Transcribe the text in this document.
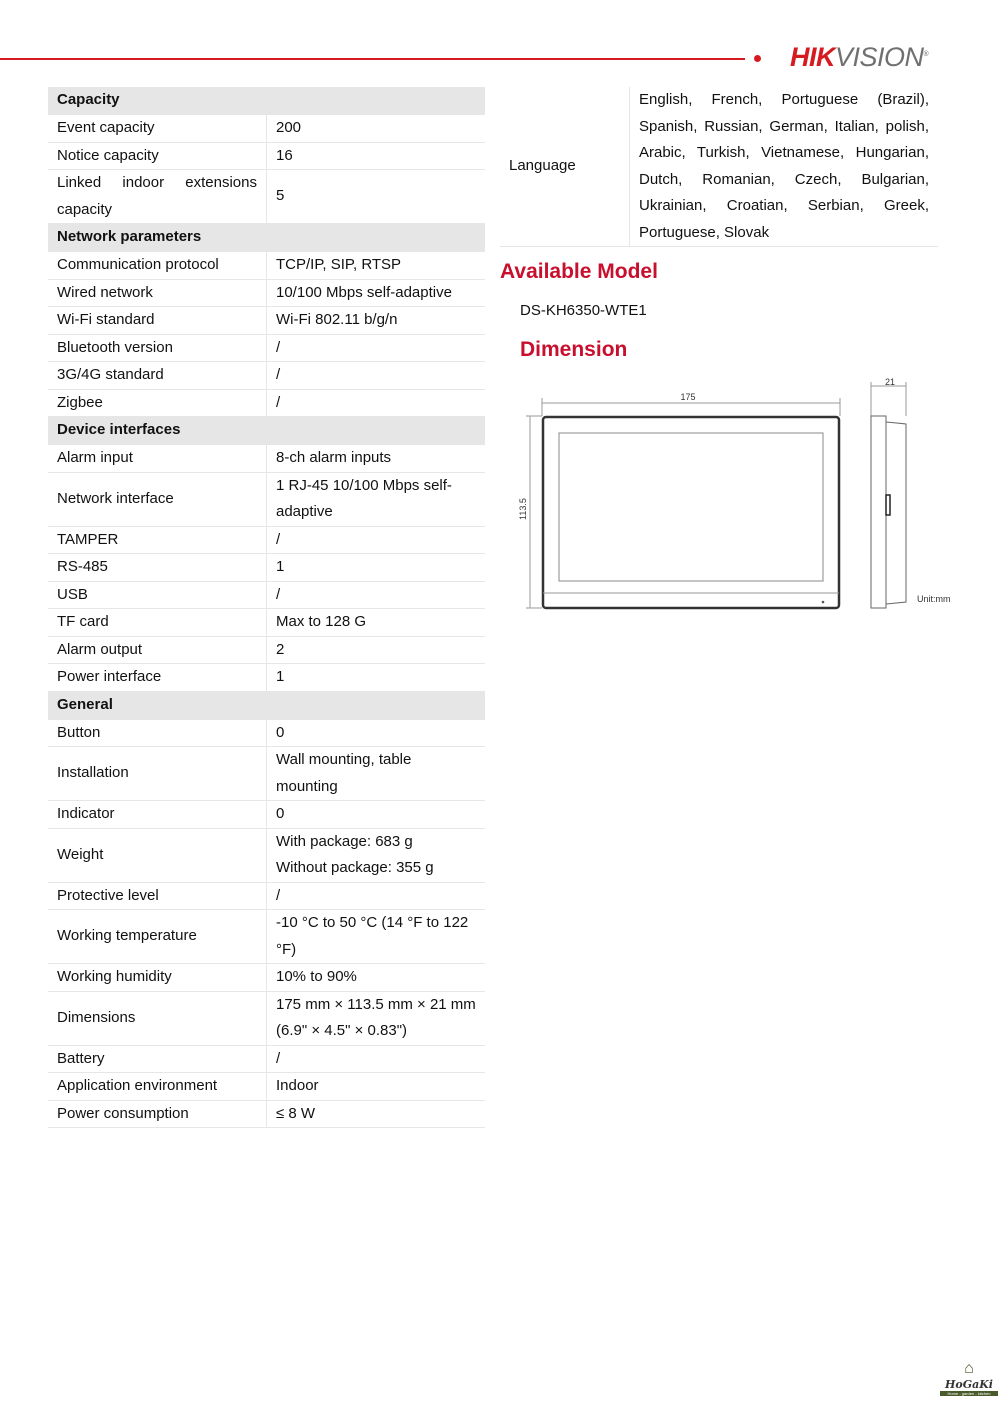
HIKVISION®
Capacity	
Event capacity	200

Notice capacity	16

Linked indoor extensions capacity	5

Network parameters	
Communication protocol	TCP/IP, SIP, RTSP

Wired network	10/100 Mbps self-adaptive

Wi-Fi standard	Wi-Fi 802.11 b/g/n

Bluetooth version	/

3G/4G standard	/

Zigbee	/

Device interfaces	
Alarm input	8-ch alarm inputs

Network interface	1 RJ-45 10/100 Mbps self-adaptive

TAMPER	/

RS-485	1

USB	/

TF card	Max to 128 G

Alarm output	2

Power interface	1

General	
Button	0

Installation	Wall mounting, table mounting

Indicator	0

Weight	With package: 683 g
Without package: 355 g

Protective level	/

Working temperature	-10 °C to 50 °C (14 °F to 122 °F)

Working humidity	10% to 90%

Dimensions	175 mm × 113.5 mm × 21 mm (6.9" × 4.5" × 0.83")

Battery	/

Application environment	Indoor

Power consumption	≤ 8 W
Language	English, French, Portuguese (Brazil), Spanish, Russian, German, Italian, polish, Arabic, Turkish, Vietnamese, Hungarian, Dutch, Romanian, Czech, Bulgarian, Ukrainian, Croatian, Serbian, Greek, Portuguese, Slovak
Available Model
DS-KH6350-WTE1
Dimension
175
21
113.5
Unit:mm
⌂
HoGaKi
Home - garden - kitchen
